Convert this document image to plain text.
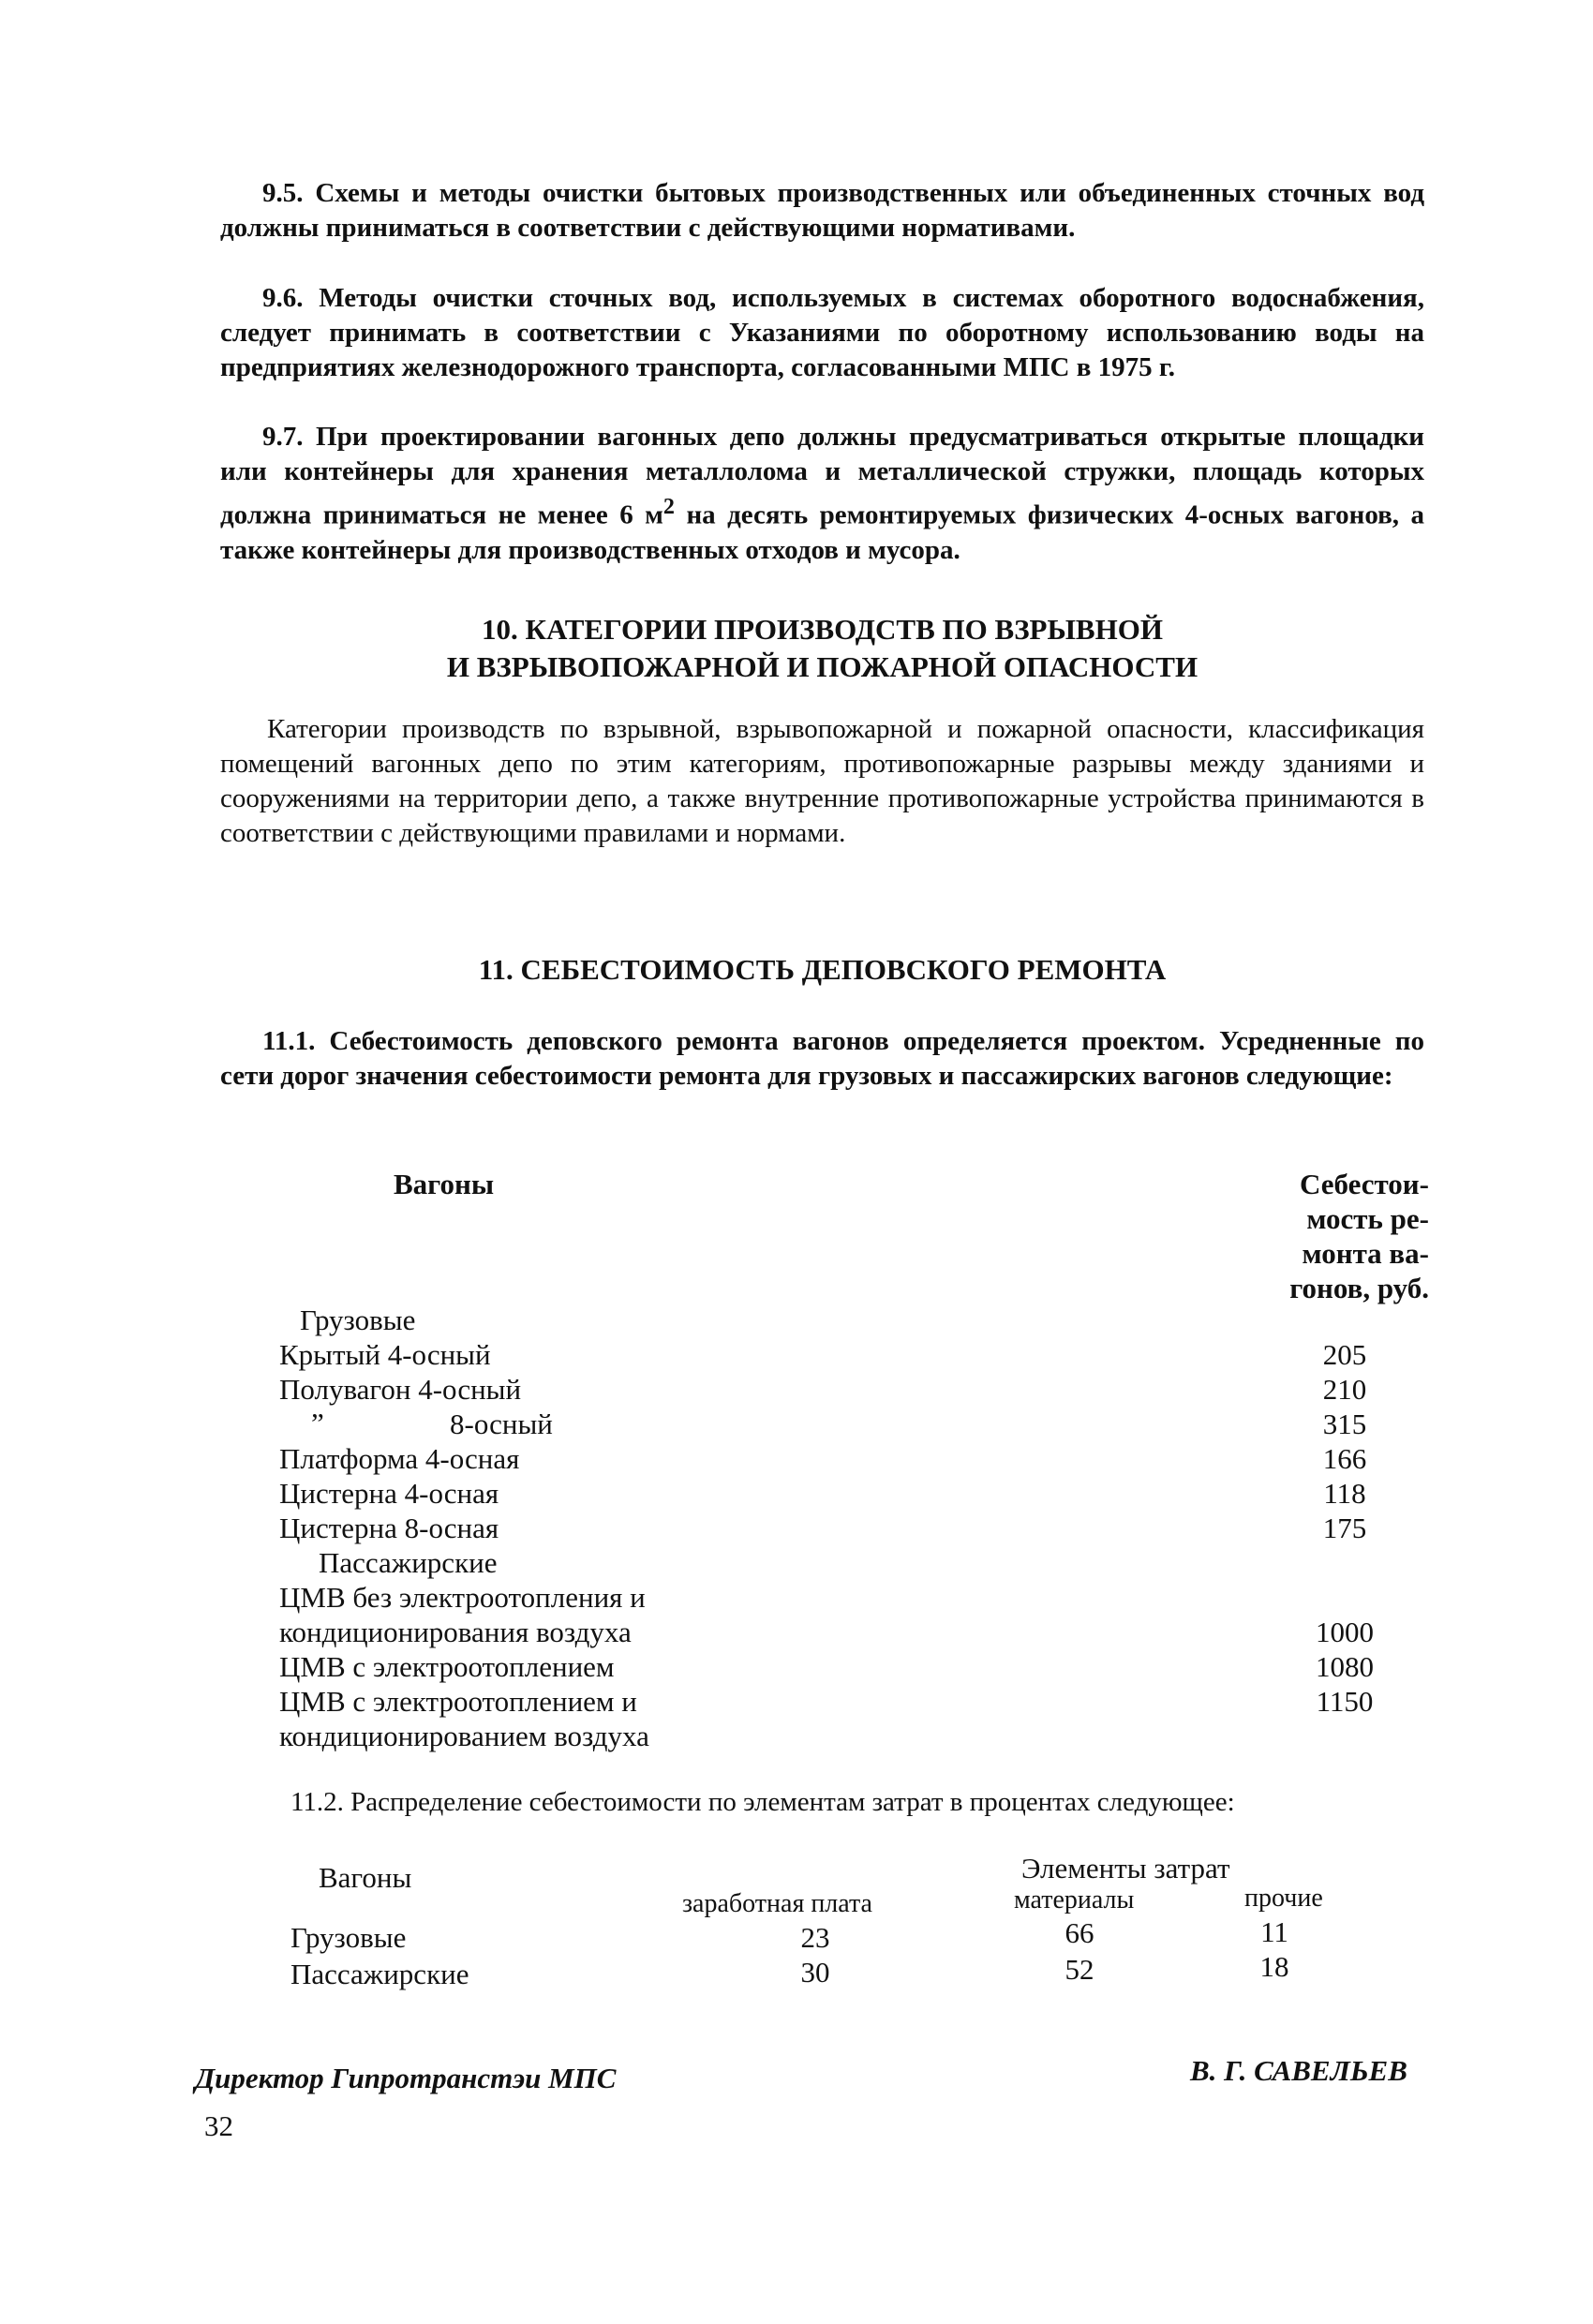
9.5. Схемы и методы очистки бытовых производственных или объединенных сточных вод должны приниматься в соответствии с действующими нормативами.
9.6. Методы очистки сточных вод, используемых в системах оборотного водоснабжения, следует принимать в соответствии с Указаниями по оборотному использованию воды на предприятиях железнодорожного транспорта, согласованными МПС в 1975 г.
9.7. При проектировании вагонных депо должны предусматриваться открытые площадки или контейнеры для хранения металлолома и металлической стружки, площадь которых должна приниматься не менее 6 $м^2$ на десять ремонтируемых физических 4-осных вагонов, а также контейнеры для производственных отходов и мусора.
10. КАТЕГОРИИ ПРОИЗВОДСТВ ПО ВЗРЫВНОЙ
И ВЗРЫВОПОЖАРНОЙ И ПОЖАРНОЙ ОПАСНОСТИ
Категории производств по взрывной, взрывопожарной и пожарной опасности, классификация помещений вагонных депо по этим категориям, противопожарные разрывы между зданиями и сооружениями на территории депо, а также внутренние противопожарные устройства принимаются в соответствии с действующими правилами и нормами.
11. СЕБЕСТОИМОСТЬ ДЕПОВСКОГО РЕМОНТА
11.1. Себестоимость деповского ремонта вагонов определяется проектом. Усредненные по сети дорог значения себестоимости ремонта для грузовых и пассажирских вагонов следующие:
Вагоны	Себестои-
мость ре-
монта ва-
гонов, руб.
Грузовые
Крытый 4-осный	205
Полувагон 4-осный	210
”	8-осный	315
Платформа 4-осная	166
Цистерна 4-осная	118
Цистерна 8-осная	175
Пассажирские
ЦМВ без электроотопления и
кондиционирования воздуха	1000
ЦМВ с электроотоплением	1080
ЦМВ с электроотоплением и	1150
кондиционированием воздуха
11.2. Распределение себестоимости по элементам затрат в процентах следующее:
Вагоны	Элементы затрат
заработная плата	материалы	прочие
Грузовые	23	66	11
Пассажирские	30	52	18
Директор Гипротранстэи МПС	В. Г. САВЕЛЬЕВ
32
